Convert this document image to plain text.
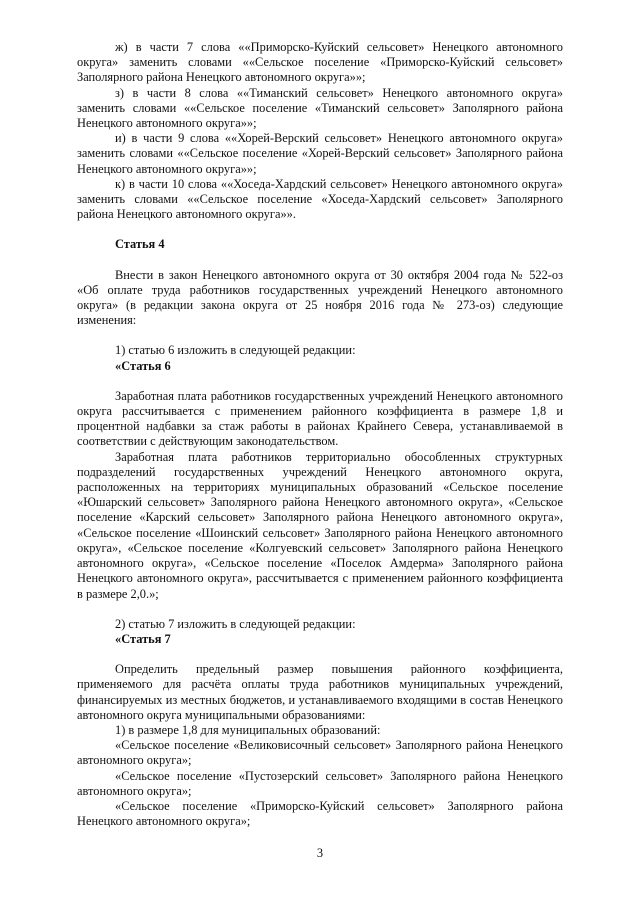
ж) в части 7 слова ««Приморско-Куйский сельсовет» Ненецкого автономного округа» заменить словами ««Сельское поселение «Приморско-Куйский сельсовет» Заполярного района Ненецкого автономного округа»»;

з) в части 8 слова ««Тиманский сельсовет» Ненецкого автономного округа» заменить словами ««Сельское поселение «Тиманский сельсовет» Заполярного района Ненецкого автономного округа»»;

и) в части 9 слова ««Хорей-Верский сельсовет» Ненецкого автономного округа» заменить словами ««Сельское поселение «Хорей-Верский сельсовет» Заполярного района Ненецкого автономного округа»»;

к) в части 10 слова ««Хоседа-Хардский сельсовет» Ненецкого автономного округа» заменить словами ««Сельское поселение «Хоседа-Хардский сельсовет» Заполярного района Ненецкого автономного округа»».

Статья 4

Внести в закон Ненецкого автономного округа от 30 октября 2004 года № 522-оз «Об оплате труда работников государственных учреждений Ненецкого автономного округа» (в редакции закона округа от 25 ноября 2016 года № 273-оз) следующие изменения:

1) статью 6 изложить в следующей редакции:

«Статья 6

Заработная плата работников государственных учреждений Ненецкого автономного округа рассчитывается с применением районного коэффициента в размере 1,8 и процентной надбавки за стаж работы в районах Крайнего Севера, устанавливаемой в соответствии с действующим законодательством.

Заработная плата работников территориально обособленных структурных подразделений государственных учреждений Ненецкого автономного округа, расположенных на территориях муниципальных образований «Сельское поселение «Юшарский сельсовет» Заполярного района Ненецкого автономного округа», «Сельское поселение «Карский сельсовет» Заполярного района Ненецкого автономного округа», «Сельское поселение «Шоинский сельсовет» Заполярного района Ненецкого автономного округа», «Сельское поселение «Колгуевский сельсовет» Заполярного района Ненецкого автономного округа», «Сельское поселение «Поселок Амдерма» Заполярного района Ненецкого автономного округа», рассчитывается с применением районного коэффициента в размере 2,0.»;

2) статью 7 изложить в следующей редакции:

«Статья 7

Определить предельный размер повышения районного коэффициента, применяемого для расчёта оплаты труда работников муниципальных учреждений, финансируемых из местных бюджетов, и устанавливаемого входящими в состав Ненецкого автономного округа муниципальными образованиями:

1) в размере 1,8 для муниципальных образований:

«Сельское поселение «Великовисочный сельсовет» Заполярного района Ненецкого автономного округа»;

«Сельское поселение «Пустозерский сельсовет» Заполярного района Ненецкого автономного округа»;

«Сельское поселение «Приморско-Куйский сельсовет» Заполярного района Ненецкого автономного округа»;

3
